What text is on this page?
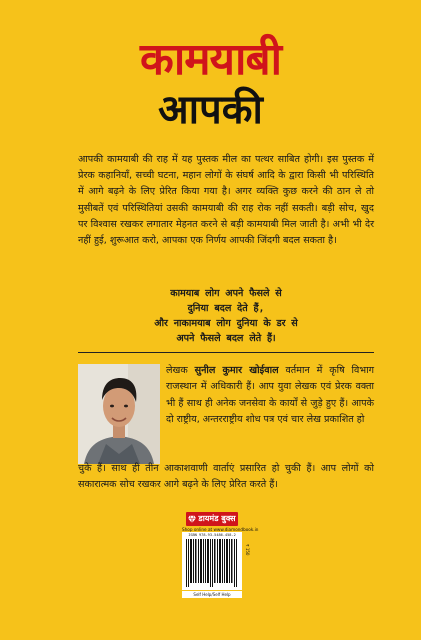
कामयाबी
आपकी

आपकी कामयाबी की राह में यह पुस्तक मील का पत्थर साबित होगी। इस पुस्तक में प्रेरक कहानियाँ, सच्ची घटना, महान लोगों के संघर्ष आदि के द्वारा किसी भी परिस्थिति में आगे बढ़ने के लिए प्रेरित किया गया है। अगर व्यक्ति कुछ करने की ठान ले तो मुसीबतें एवं परिस्थितियां उसकी कामयाबी की राह रोक नहीं सकती। बड़ी सोच, खुद पर विश्वास रखकर लगातार मेहनत करने से बड़ी कामयाबी मिल जाती है। अभी भी देर नहीं हुई, शुरूआत करो, आपका एक निर्णय आपकी जिंदगी बदल सकता है।

कामयाब लोग अपने फैसले से
दुनिया बदल देते हैं,
और नाकामयाब लोग दुनिया के डर से
अपने फैसले बदल लेते हैं।
लेखक सुनील कुमार खोईवाल वर्तमान में कृषि विभाग राजस्थान में अधिकारी हैं। आप युवा लेखक एवं प्रेरक वक्ता भी हैं साथ ही अनेक जनसेवा के कार्यों से जुड़े हुए हैं। आपके दो राष्ट्रीय, अन्तरराष्ट्रीय शोध पत्र एवं चार लेख प्रकाशित हो
चुके हैं। साथ ही तीन आकाशवाणी वार्ताएं प्रसारित हो चुकी हैं। आप लोगों को सकारात्मक सोच रखकर आगे बढ़ने के लिए प्रेरित करते हैं।
डायमंड बुक्स
Shop online at www.diamondbook.in
ISBN 978-93-5486-458-2
₹ 150
Self Help/Self Help
